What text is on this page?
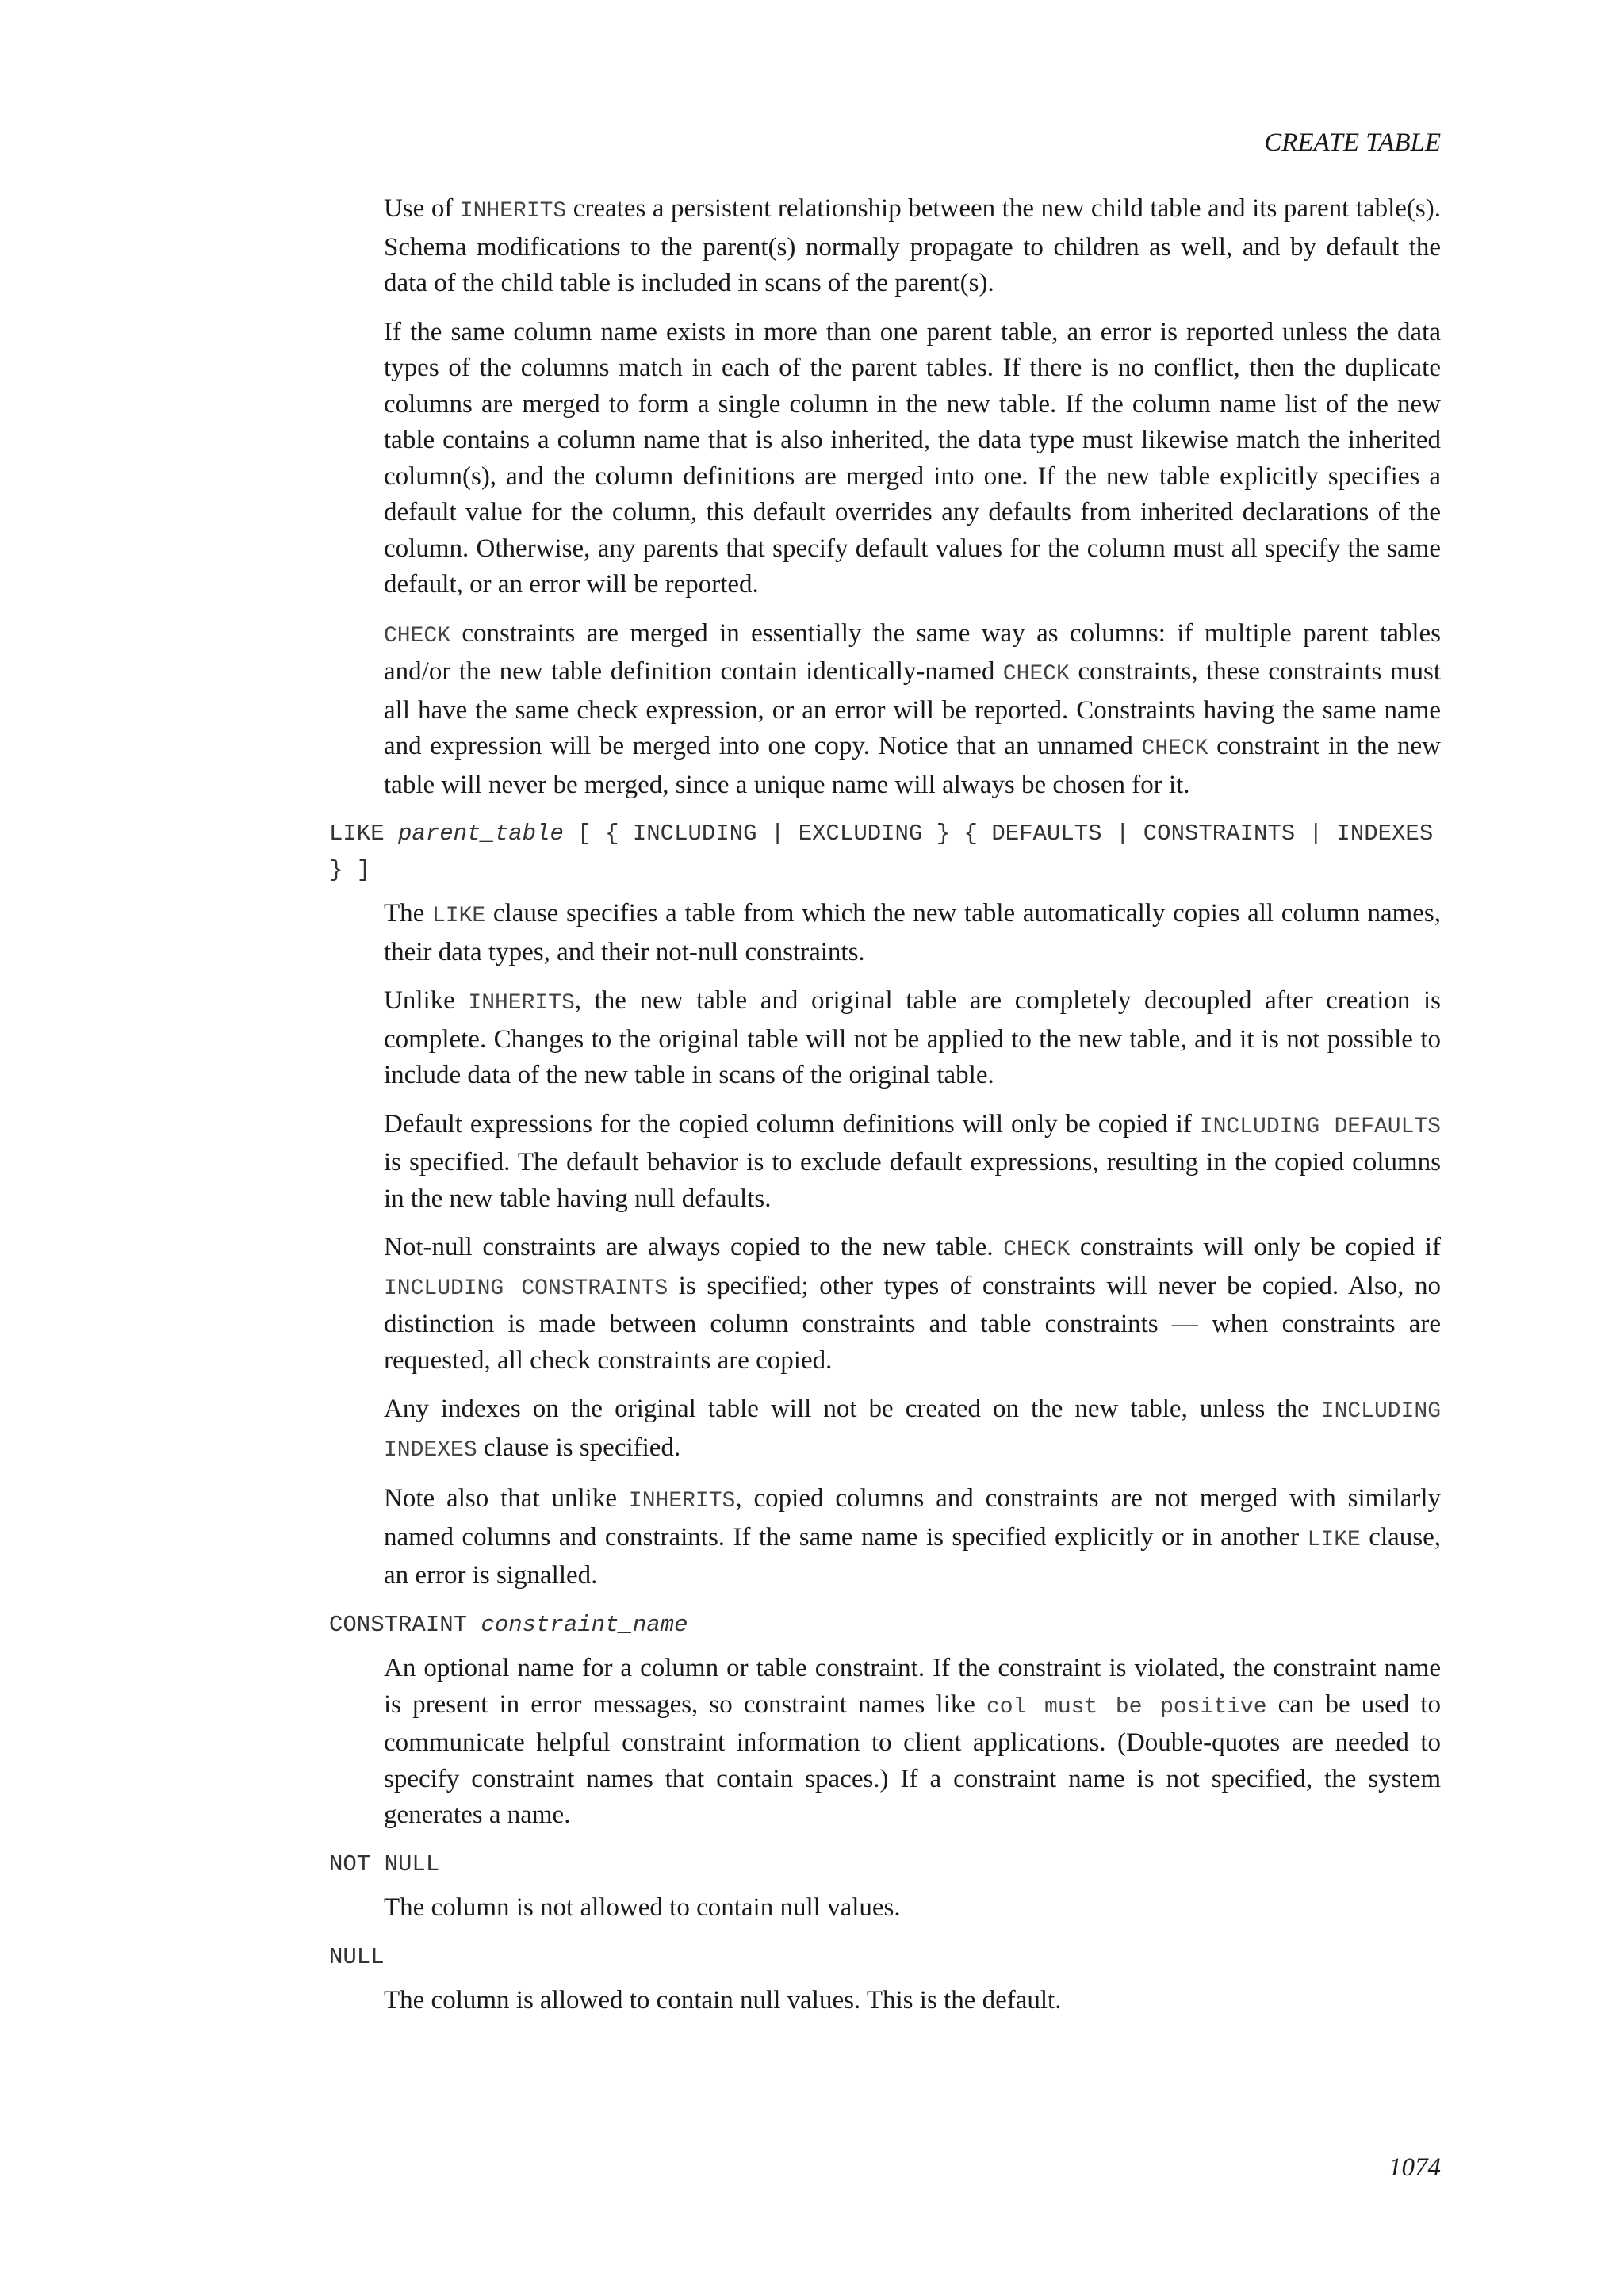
CREATE TABLE

Use of INHERITS creates a persistent relationship between the new child table and its parent table(s). Schema modifications to the parent(s) normally propagate to children as well, and by default the data of the child table is included in scans of the parent(s).

If the same column name exists in more than one parent table, an error is reported unless the data types of the columns match in each of the parent tables. If there is no conflict, then the duplicate columns are merged to form a single column in the new table. If the column name list of the new table contains a column name that is also inherited, the data type must likewise match the inherited column(s), and the column definitions are merged into one. If the new table explicitly specifies a default value for the column, this default overrides any defaults from inherited declarations of the column. Otherwise, any parents that specify default values for the column must all specify the same default, or an error will be reported.

CHECK constraints are merged in essentially the same way as columns: if multiple parent tables and/or the new table definition contain identically-named CHECK constraints, these constraints must all have the same check expression, or an error will be reported. Constraints having the same name and expression will be merged into one copy. Notice that an unnamed CHECK constraint in the new table will never be merged, since a unique name will always be chosen for it.

LIKE parent_table [ { INCLUDING | EXCLUDING } { DEFAULTS | CONSTRAINTS | INDEXES } ]

The LIKE clause specifies a table from which the new table automatically copies all column names, their data types, and their not-null constraints.

Unlike INHERITS, the new table and original table are completely decoupled after creation is complete. Changes to the original table will not be applied to the new table, and it is not possible to include data of the new table in scans of the original table.

Default expressions for the copied column definitions will only be copied if INCLUDING DEFAULTS is specified. The default behavior is to exclude default expressions, resulting in the copied columns in the new table having null defaults.

Not-null constraints are always copied to the new table. CHECK constraints will only be copied if INCLUDING CONSTRAINTS is specified; other types of constraints will never be copied. Also, no distinction is made between column constraints and table constraints — when constraints are requested, all check constraints are copied.

Any indexes on the original table will not be created on the new table, unless the INCLUDING INDEXES clause is specified.

Note also that unlike INHERITS, copied columns and constraints are not merged with similarly named columns and constraints. If the same name is specified explicitly or in another LIKE clause, an error is signalled.

CONSTRAINT constraint_name

An optional name for a column or table constraint. If the constraint is violated, the constraint name is present in error messages, so constraint names like col must be positive can be used to communicate helpful constraint information to client applications. (Double-quotes are needed to specify constraint names that contain spaces.) If a constraint name is not specified, the system generates a name.

NOT NULL

The column is not allowed to contain null values.

NULL

The column is allowed to contain null values. This is the default.

1074
